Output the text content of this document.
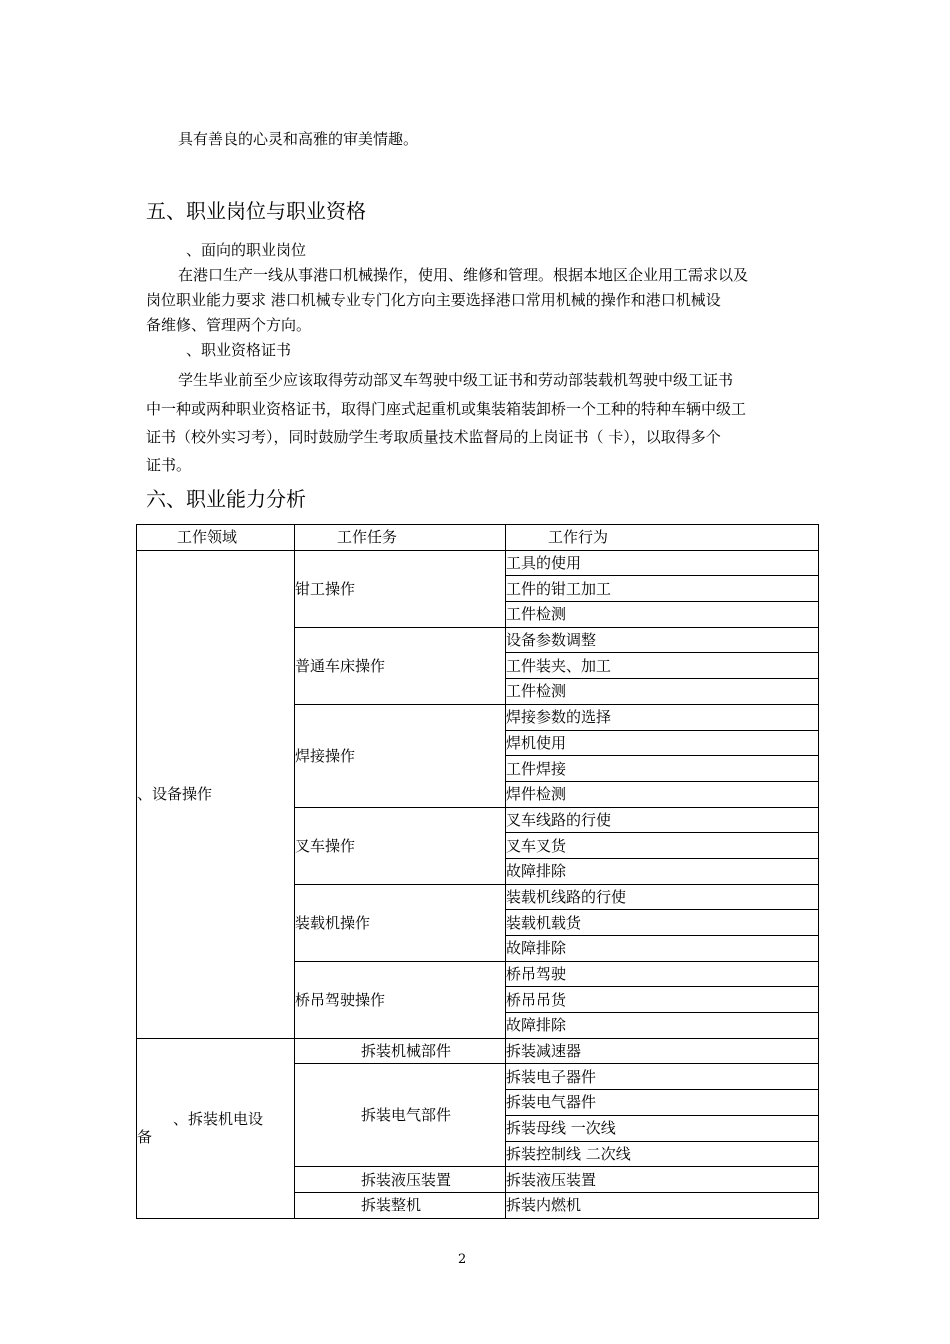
具有善良的心灵和高雅的审美情趣。
五、职业岗位与职业资格
、面向的职业岗位
在港口生产一线从事港口机械操作，使用、维修和管理。根据本地区企业用工需求以及
岗位职业能力要求 港口机械专业专门化方向主要选择港口常用机械的操作和港口机械设
备维修、管理两个方向。
、职业资格证书
学生毕业前至少应该取得劳动部叉车驾驶中级工证书和劳动部装载机驾驶中级工证书
中一种或两种职业资格证书，取得门座式起重机或集装箱装卸桥一个工种的特种车辆中级工
证书（校外实习考），同时鼓励学生考取质量技术监督局的上岗证书（ 卡），以取得多个
证书。
六、职业能力分析
工作领域	工作任务	工作行为
、设备操作	钳工操作	工具的使用
		工件的钳工加工
		工件检测
	普通车床操作	设备参数调整
		工件装夹、加工
		工件检测
	焊接操作	焊接参数的选择
		焊机使用
		工件焊接
		焊件检测
	叉车操作	叉车线路的行使
		叉车叉货
		故障排除
	装载机操作	装载机线路的行使
		装载机载货
		故障排除
	桥吊驾驶操作	桥吊驾驶
		桥吊吊货
		故障排除

、拆装机电设
备	拆装机械部件	拆装减速器
	拆装电气部件	拆装电子器件
		拆装电气器件
		拆装母线 一次线
		拆装控制线 二次线
	拆装液压装置	拆装液压装置
	拆装整机	拆装内燃机
2
